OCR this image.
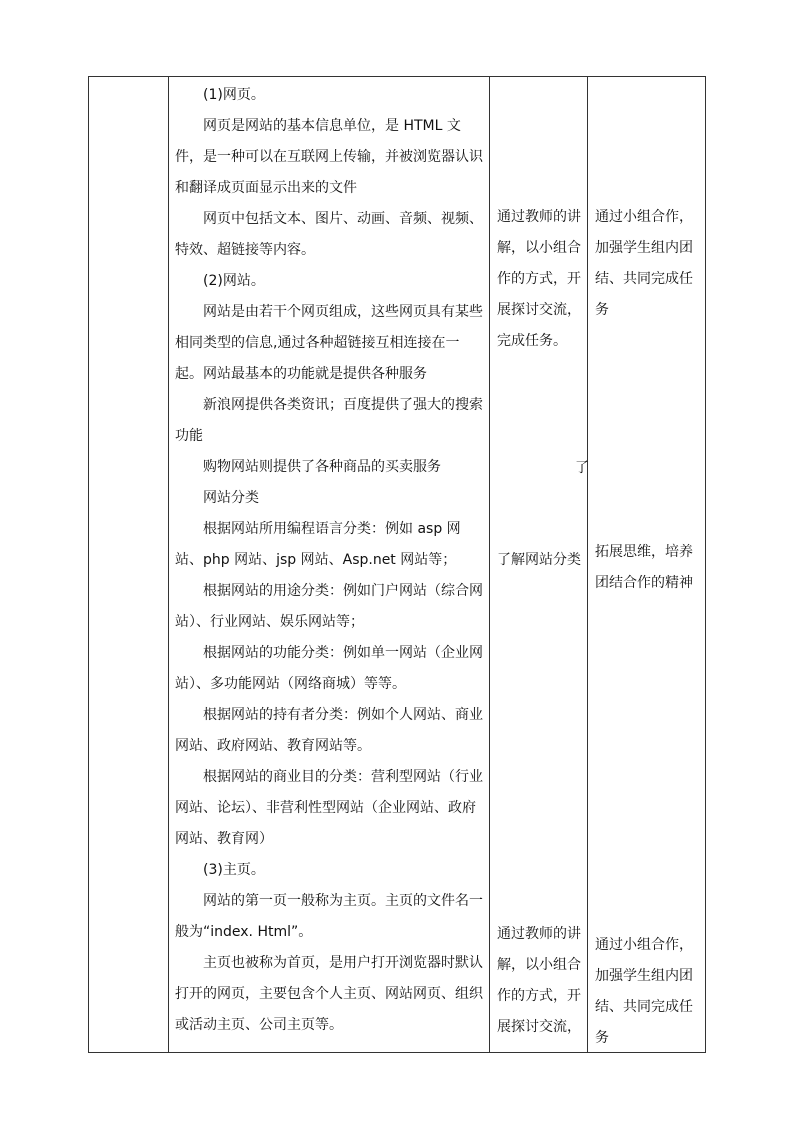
(1)网页。

网页是网站的基本信息单位，是 HTML 文件，是一种可以在互联网上传输，并被浏览器认识和翻译成页面显示出来的文件

网页中包括文本、图片、动画、音频、视频、特效、超链接等内容。

(2)网站。

网站是由若干个网页组成，这些网页具有某些相同类型的信息,通过各种超链接互相连接在一起。 网站最基本的功能就是提供各种服务

新浪网提供各类资讯；百度提供了强大的搜索功能

购物网站则提供了各种商品的买卖服务

网站分类

根据网站所用编程语言分类：例如 asp 网站、php 网站、jsp 网站、Asp.net 网站等；

根据网站的用途分类：例如门户网站（综合网站）、行业网站、娱乐网站等；

根据网站的功能分类：例如单一网站（企业网站）、多功能网站（网络商城）等等。

根据网站的持有者分类：例如个人网站、商业网站、政府网站、教育网站等。

根据网站的商业目的分类：营利型网站（行业网站、论坛）、非营利性型网站（企业网站、政府网站、教育网）

(3)主页。

网站的第一页一般称为主页。主页的文件名一般为“index. Html”。

主页也被称为首页，是用户打开浏览器时默认打开的网页，主要包含个人主页、网站网页、组织或活动主页、公司主页等。

通过教师的讲解，以小组合作的方式，开展探讨交流，完成任务。

了

了解网站分类

通过教师的讲解，以小组合作的方式，开展探讨交流，

通过小组合作，加强学生组内团结、共同完成任务

拓展思维，培养团结合作的精神

通过小组合作，加强学生组内团结、共同完成任务
